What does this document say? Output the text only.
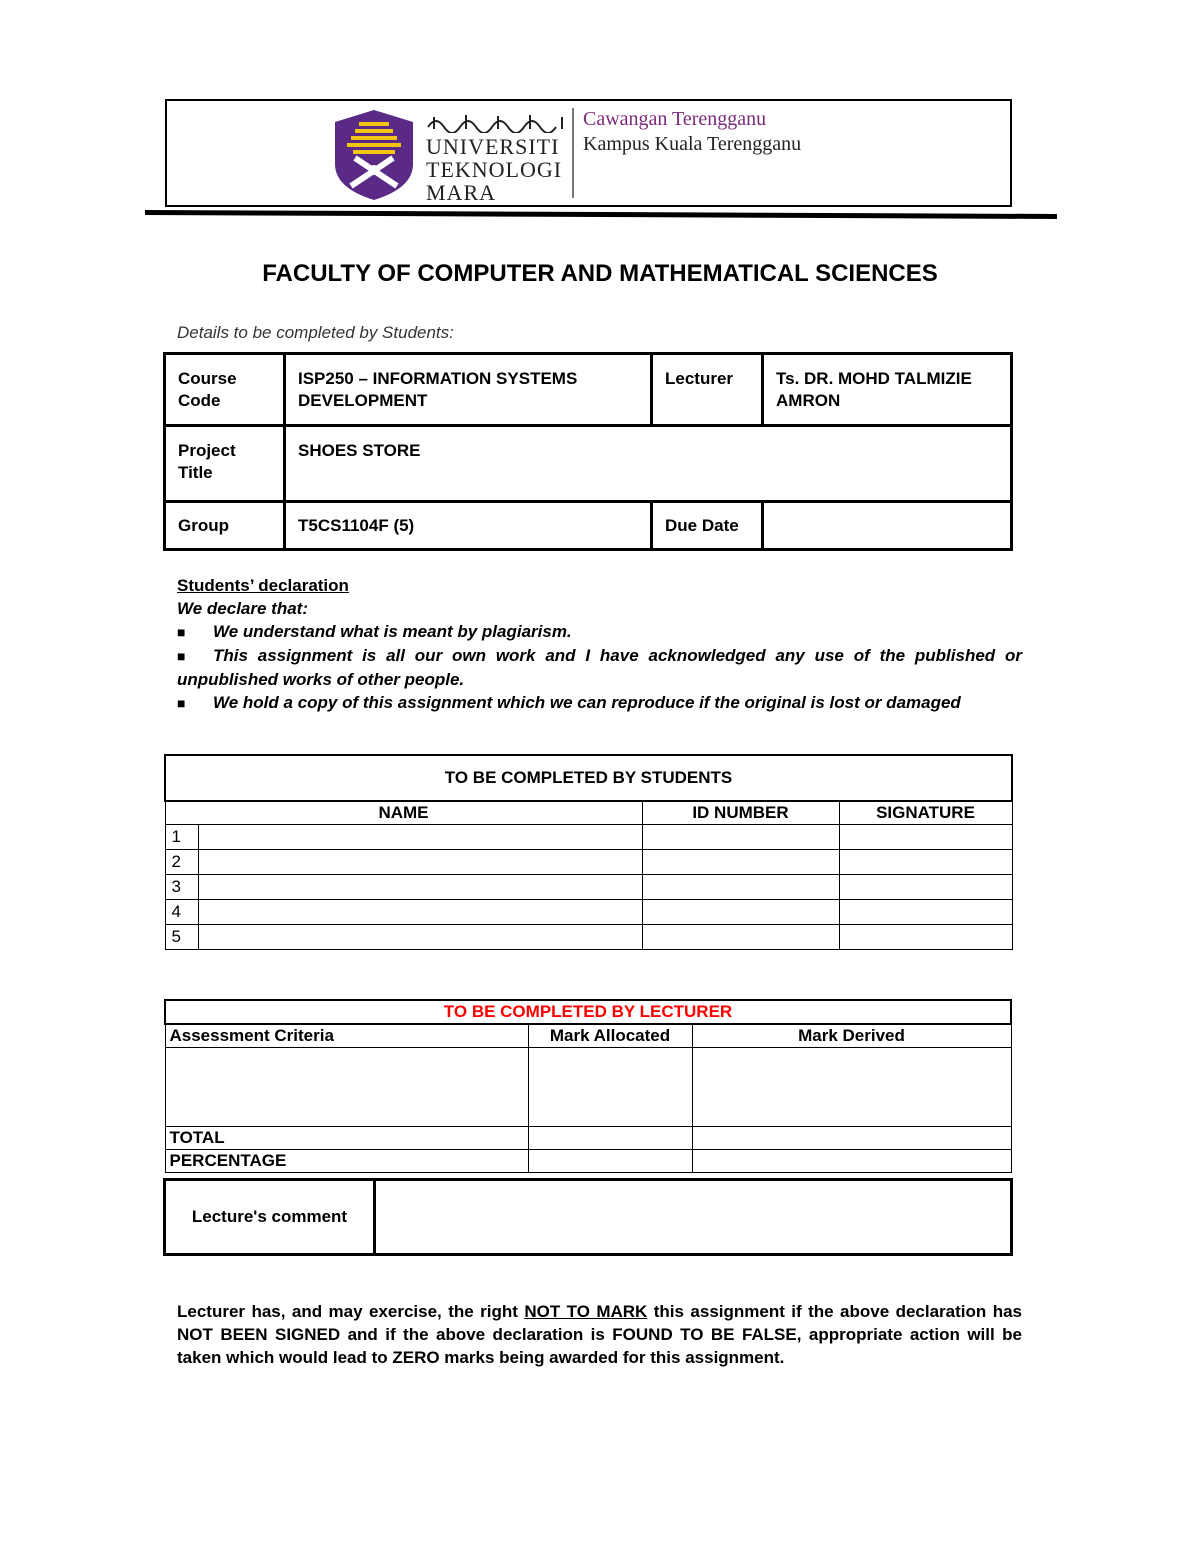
UNIVERSITI
TEKNOLOGI
MARA
Cawangan Terengganu
Kampus Kuala Terengganu
FACULTY OF COMPUTER AND MATHEMATICAL SCIENCES
Details to be completed by Students:
Course Code	ISP250 – INFORMATION SYSTEMS DEVELOPMENT	Lecturer	Ts. DR. MOHD TALMIZIE AMRON
Project Title	SHOES STORE		
Group	T5CS1104F (5)	Due Date	
Students’ declaration
We declare that:
■ We understand what is meant by plagiarism.
■ This assignment is all our own work and I have acknowledged any use of the published or unpublished works of other people.
■ We hold a copy of this assignment which we can reproduce if the original is lost or damaged
TO BE COMPLETED BY STUDENTS			
NAME		ID NUMBER	SIGNATURE
1			
2			
3			
4			
5			
TO BE COMPLETED BY LECTURER		
Assessment Criteria	Mark Allocated	Mark Derived

TOTAL		
PERCENTAGE		
Lecture's comment	
Lecturer has, and may exercise, the right NOT TO MARK this assignment if the above declaration has NOT BEEN SIGNED and if the above declaration is FOUND TO BE FALSE, appropriate action will be taken which would lead to ZERO marks being awarded for this assignment.
